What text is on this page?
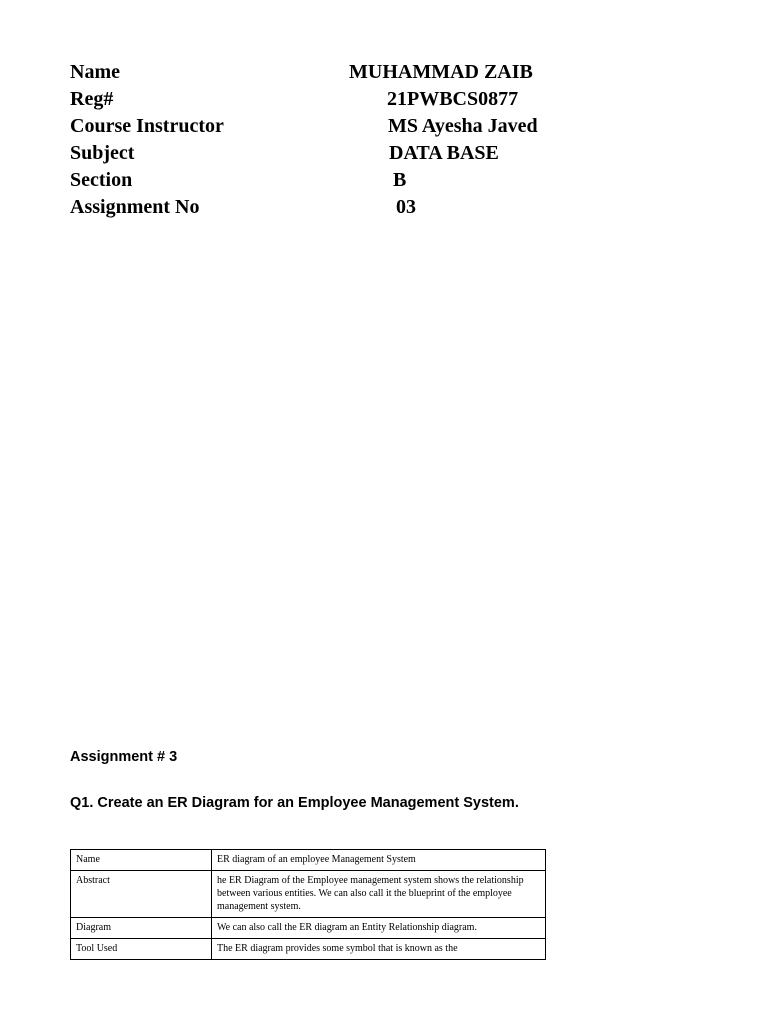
Name	MUHAMMAD ZAIB
Reg#	21PWBCS0877
Course Instructor	MS Ayesha Javed
Subject	DATA BASE
Section	B
Assignment No	03
Assignment # 3
Q1. Create an ER Diagram for an Employee Management System.
Name	ER diagram of an employee Management System
Abstract	he ER Diagram of the Employee management system shows the relationship between various entities. We can also call it the blueprint of the employee management system.
Diagram	We can also call the ER diagram an Entity Relationship diagram.
Tool Used	The ER diagram provides some symbol that is known as the
